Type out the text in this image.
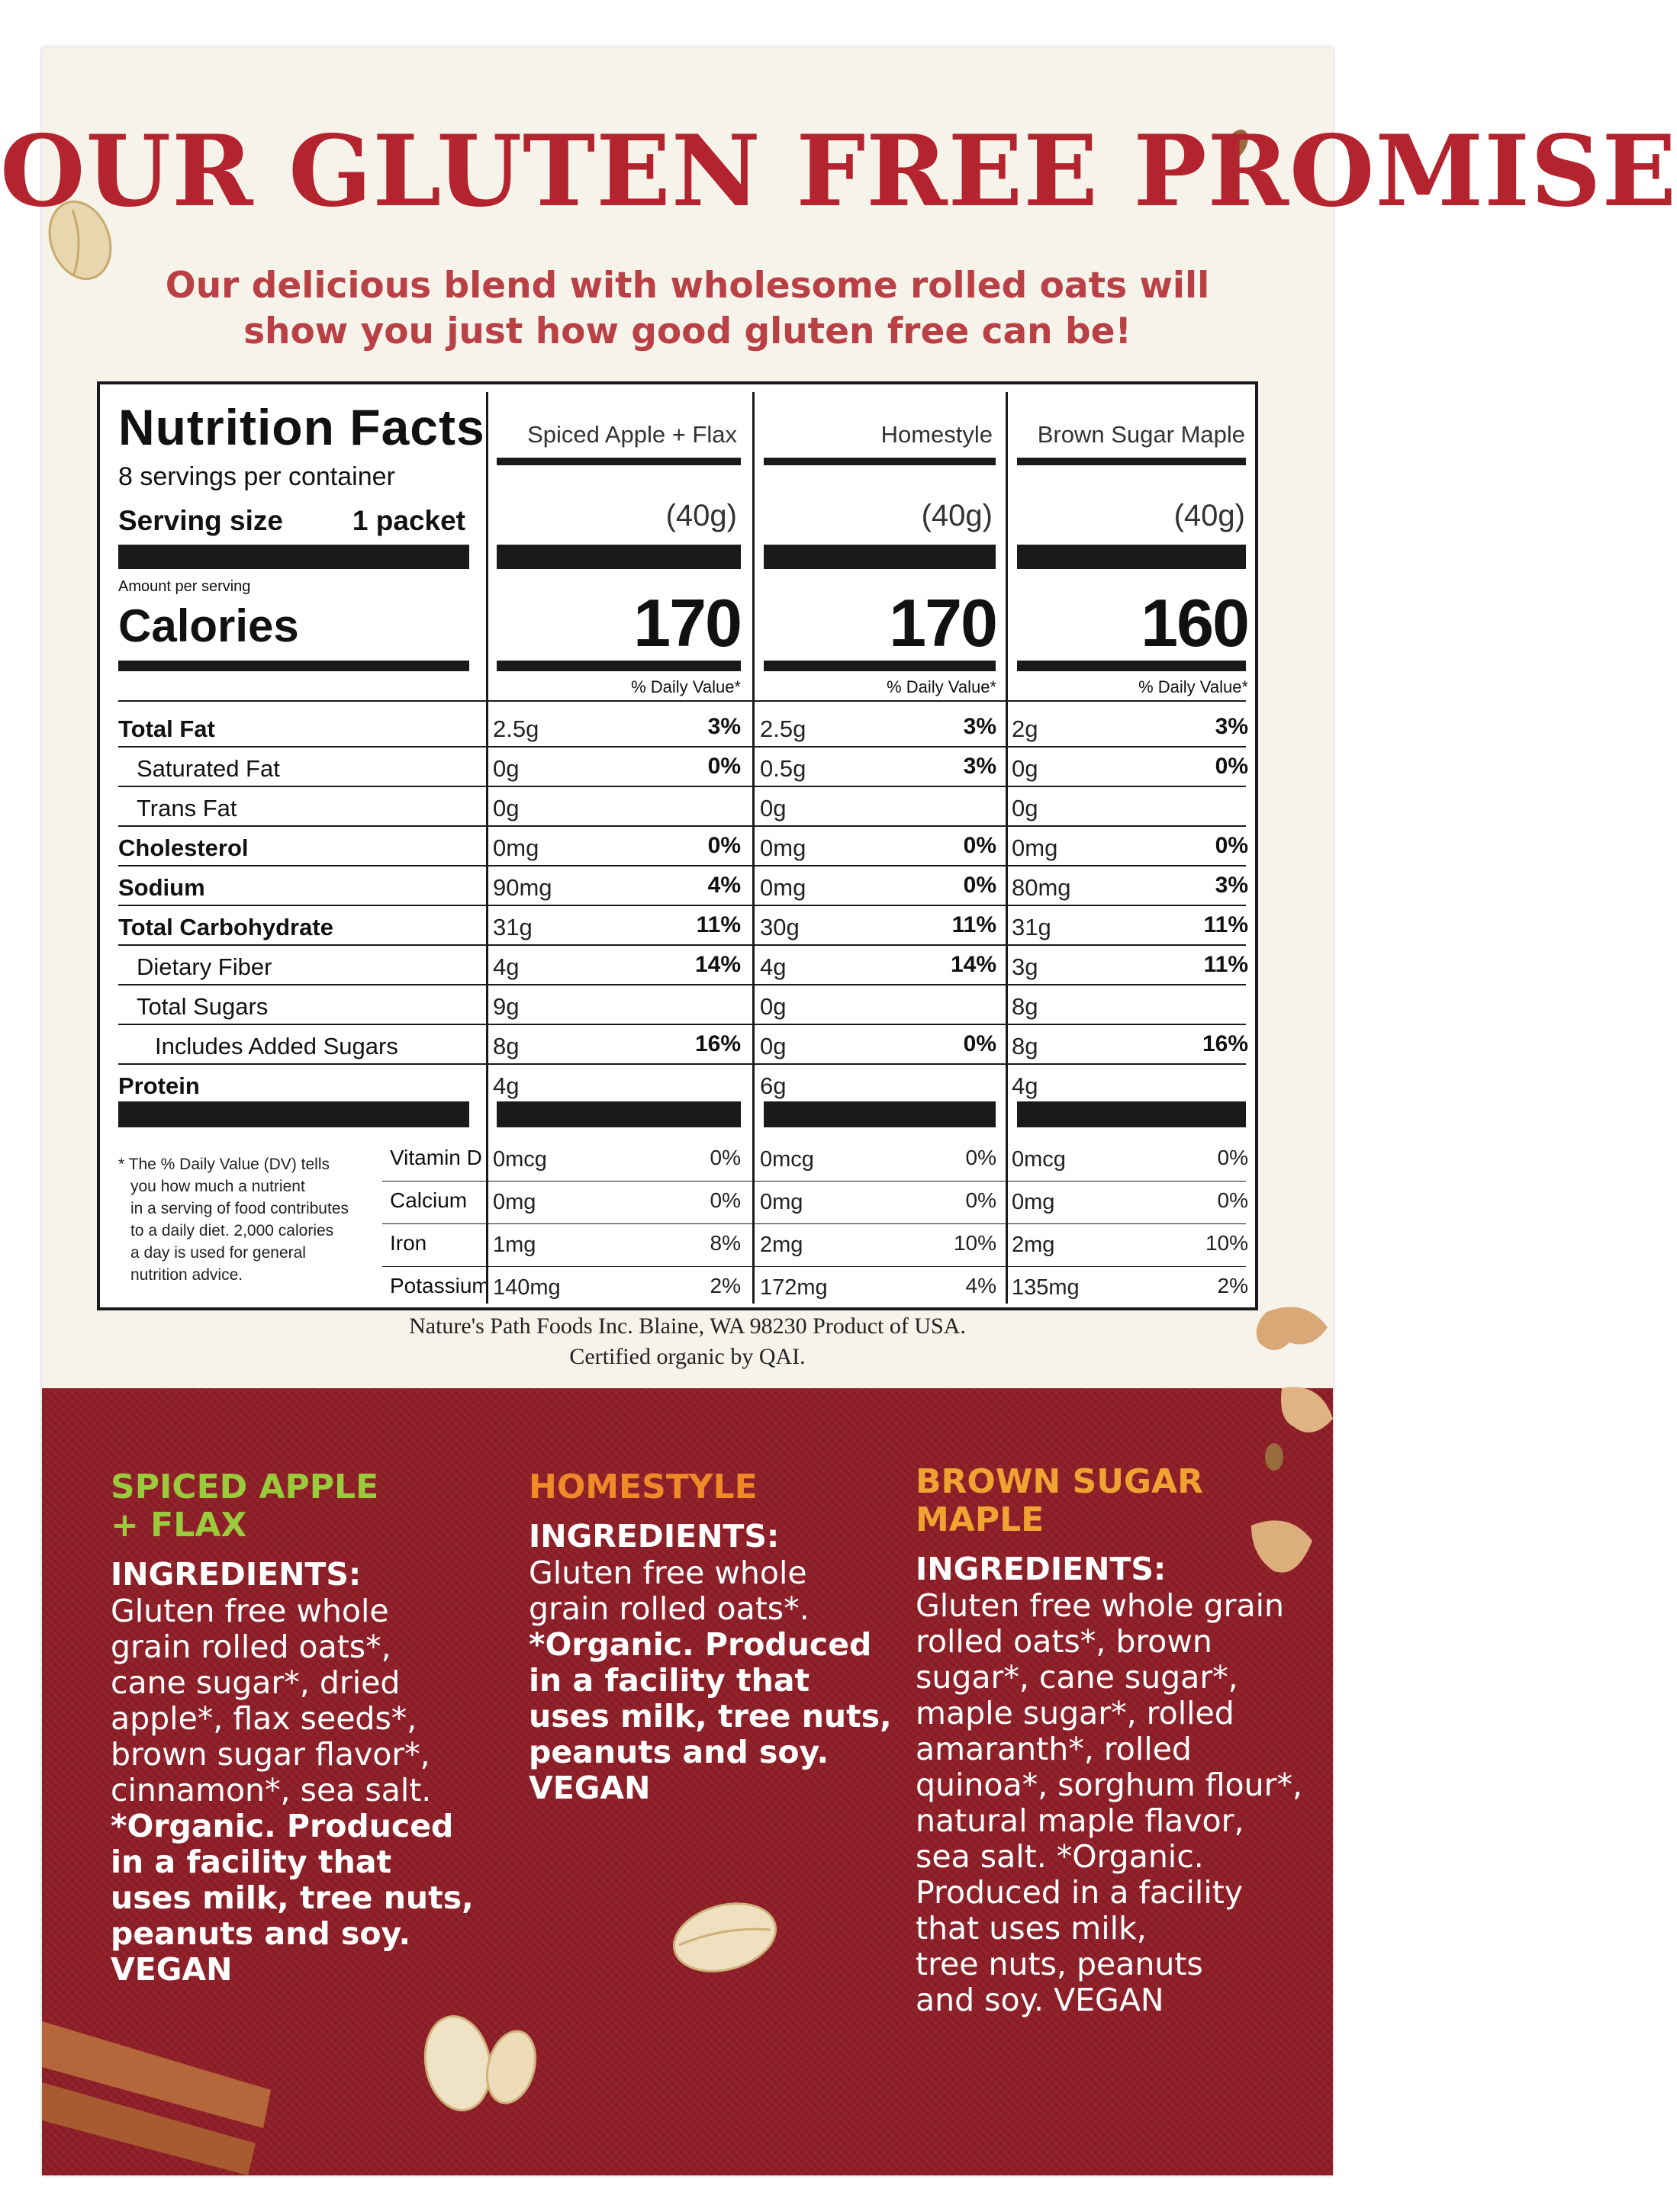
OUR GLUTEN FREE PROMISE
Our delicious blend with wholesome rolled oats will
show you just how good gluten free can be!
Nutrition Facts
8 servings per container
Serving size	1 packet
Amount per serving
Calories
Spiced Apple + Flax	Homestyle	Brown Sugar Maple
(40g)	(40g)	(40g)
170	170	160
% Daily Value*	% Daily Value*	% Daily Value*
Total Fat	2.5g	3% 2.5g	3% 2g	3%
Saturated Fat	0g	0% 0.5g	3% 0g	0%
Trans Fat	0g	0g	0g
Cholesterol	0mg	0% 0mg	0% 0mg	0%
Sodium	90mg	4% 0mg	0% 80mg	3%
Total Carbohydrate	31g	11% 30g	11% 31g	11%
Dietary Fiber	4g	14% 4g	14% 3g	11%
Total Sugars	9g	0g	8g
Includes Added Sugars	8g	16% 0g	0% 8g	16%
Protein	4g	6g	4g
Vitamin D 0mcg	0% 0mcg	0% 0mcg	0%
Calcium 0mg	0% 0mg	0% 0mg	0%
Iron	1mg	8% 2mg	10% 2mg	10%
Potassium 140mg	2% 172mg	4% 135mg	2%
* The % Daily Value (DV) tells
you how much a nutrient
in a serving of food contributes
to a daily diet. 2,000 calories
a day is used for general
nutrition advice.
Nature's Path Foods Inc. Blaine, WA 98230 Product of USA.
Certified organic by QAI.
SPICED APPLE
+ FLAX
INGREDIENTS:
Gluten free whole
grain rolled oats*,
cane sugar*, dried
apple*, flax seeds*,
brown sugar flavor*,
cinnamon*, sea salt.
*Organic. Produced
in a facility that
uses milk, tree nuts,
peanuts and soy.
VEGAN
HOMESTYLE
INGREDIENTS:
Gluten free whole
grain rolled oats*.
*Organic. Produced
in a facility that
uses milk, tree nuts,
peanuts and soy.
VEGAN
BROWN SUGAR
MAPLE
INGREDIENTS:
Gluten free whole grain
rolled oats*, brown
sugar*, cane sugar*,
maple sugar*, rolled
amaranth*, rolled
quinoa*, sorghum flour*,
natural maple flavor,
sea salt. *Organic.
Produced in a facility
that uses milk,
tree nuts, peanuts
and soy. VEGAN
